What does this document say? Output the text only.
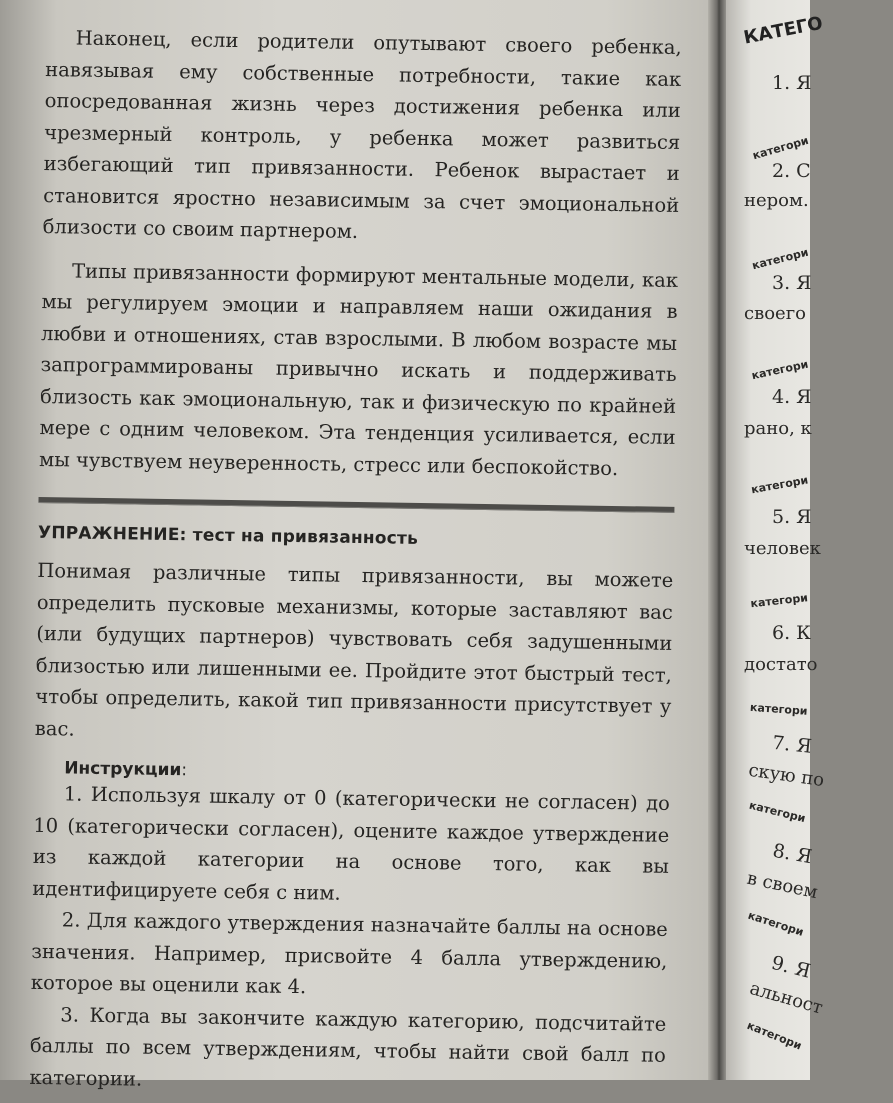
Наконец, если родители опутывают своего ребенка, навязывая ему собственные потребности, такие как опосредованная жизнь через достижения ребенка или чрезмерный контроль, у ребенка может развиться избегающий тип привязанности. Ребенок вырастает и становится яростно независимым за счет эмоциональной близости со своим партнером.

Типы привязанности формируют ментальные модели, как мы регулируем эмоции и направляем наши ожидания в любви и отношениях, став взрослыми. В любом возрасте мы запрограммированы привычно искать и поддерживать близость как эмоциональную, так и физическую по крайней мере с одним человеком. Эта тенденция усиливается, если мы чувствуем неуверенность, стресс или беспокойство.

УПРАЖНЕНИЕ: тест на привязанность
Понимая различные типы привязанности, вы можете определить пусковые механизмы, которые заставляют вас (или будущих партнеров) чувствовать себя задушенными близостью или лишенными ее. Пройдите этот быстрый тест, чтобы определить, какой тип привязанности присутствует у вас.
Инструкции:

1. Используя шкалу от 0 (категорически не согласен) до 10 (категорически согласен), оцените каждое утверждение из каждой категории на основе того, как вы идентифицируете себя с ним.

2. Для каждого утверждения назначайте баллы на основе значения. Например, присвойте 4 балла утверждению, которое вы оценили как 4.

3. Когда вы закончите каждую категорию, подсчитайте баллы по всем утверждениям, чтобы найти свой балл по категории.

КАТЕГО
1. Я
категори
2. С
нером.
категори
3. Я
своего
категори
4. Я
рано, к
категори
5. Я
человек
категори
6. К
достато
категори
7. Я
скую по
категори
8. Я
в своем
категори
9. Я
альност
категори
